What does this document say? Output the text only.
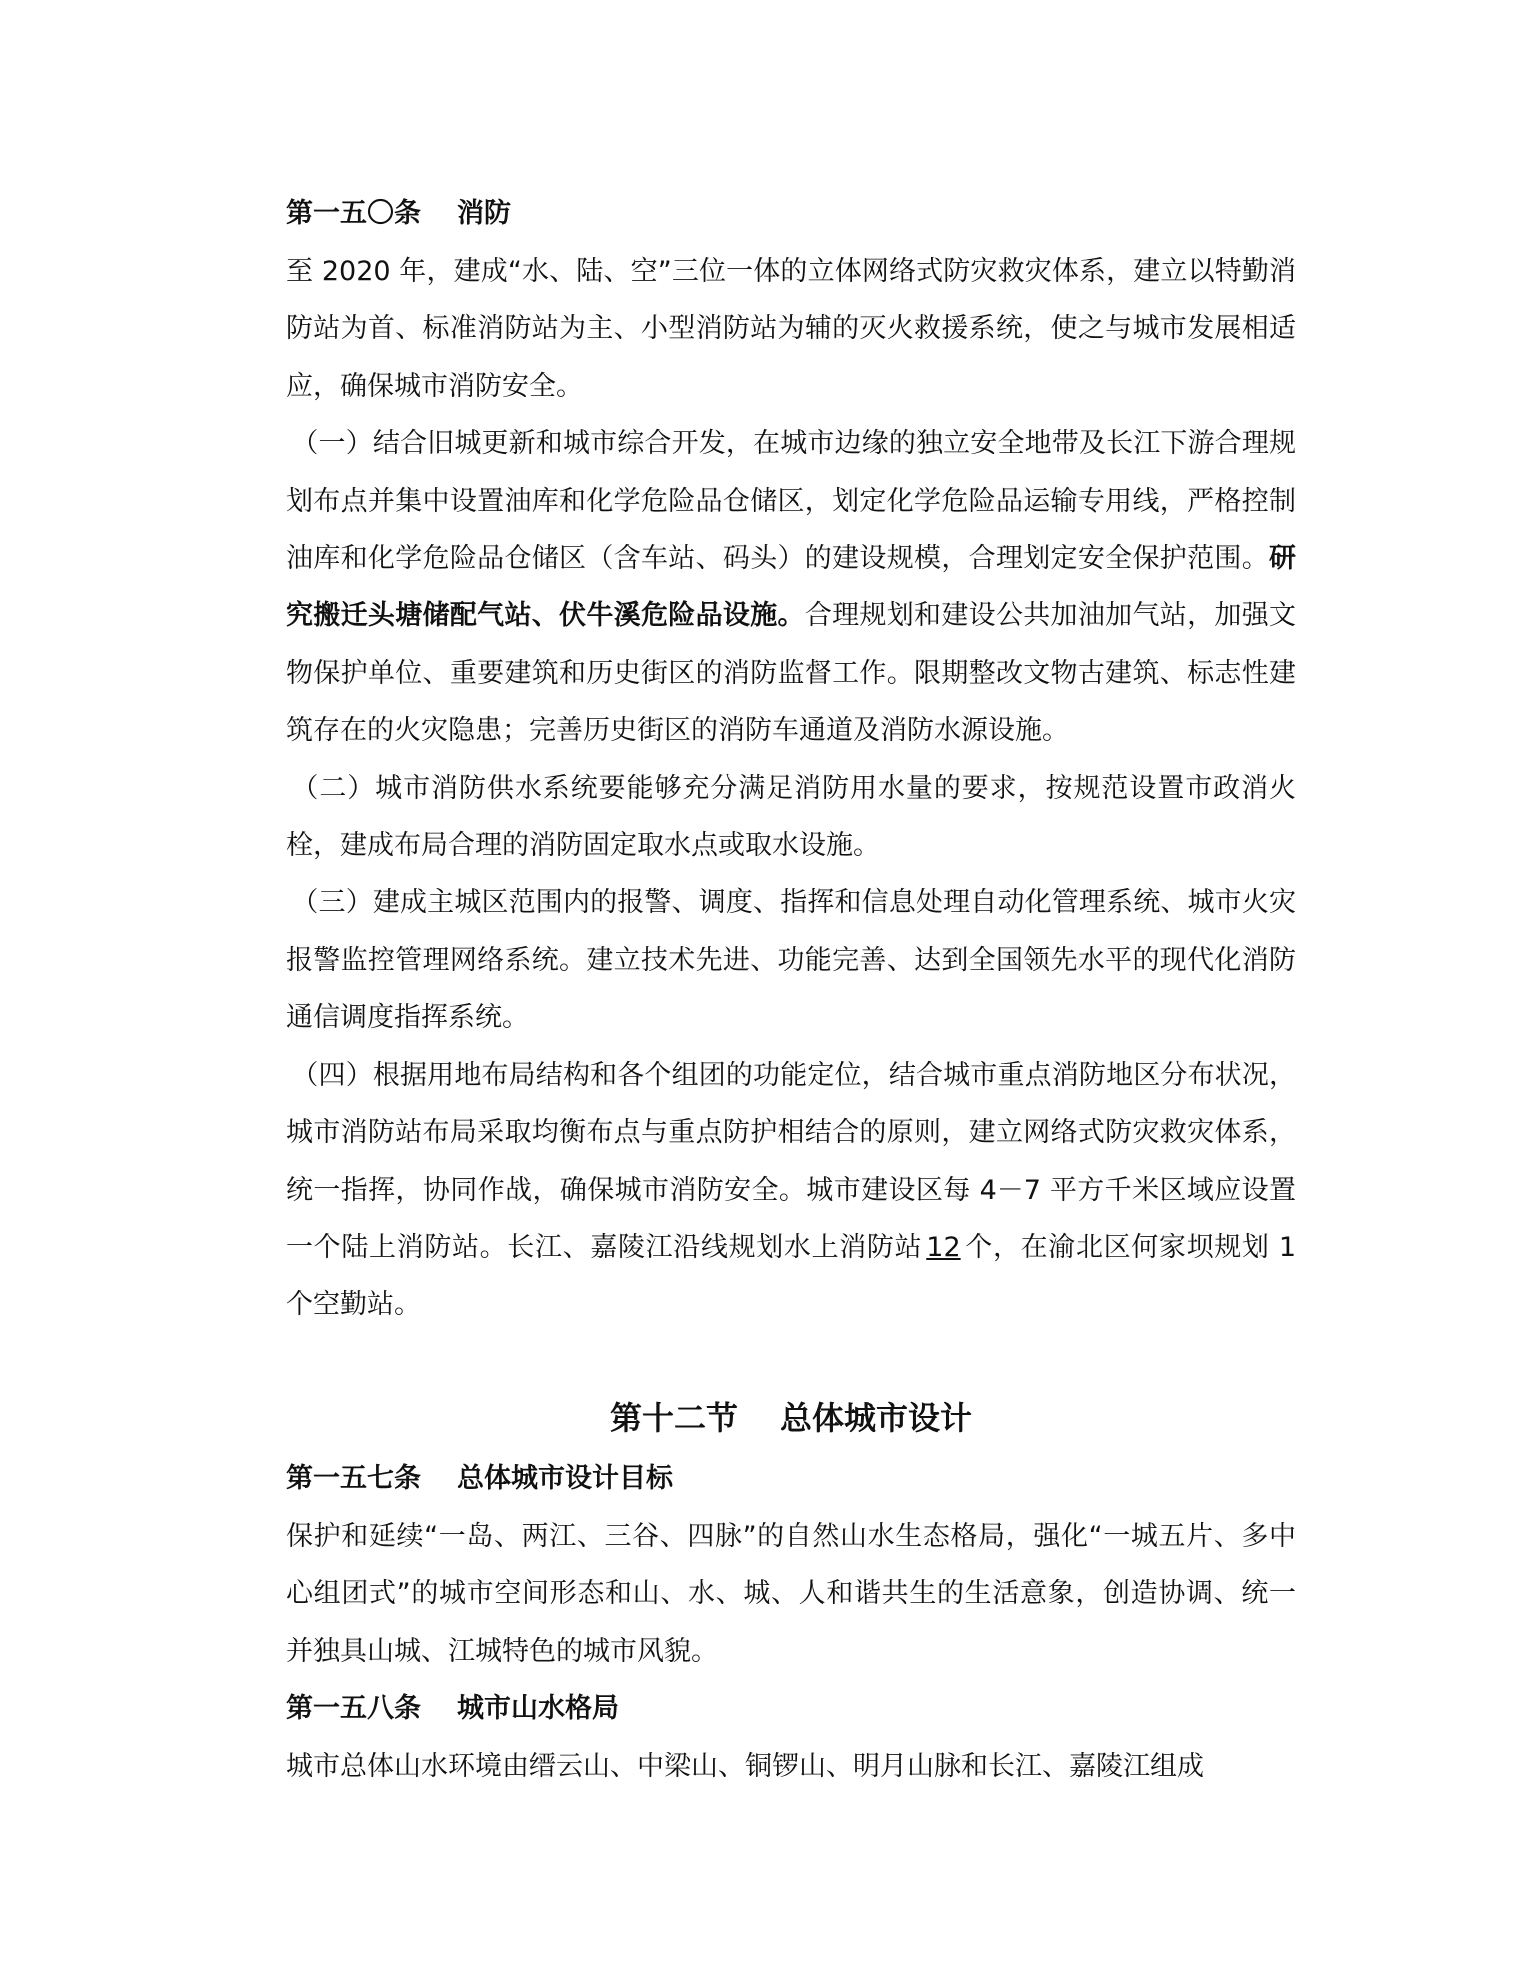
第一五〇条 消防

至 2020 年，建成“水、陆、空”三位一体的立体网络式防灾救灾体系，建立以特勤消防站为首、标准消防站为主、小型消防站为辅的灭火救援系统，使之与城市发展相适应，确保城市消防安全。

（一）结合旧城更新和城市综合开发，在城市边缘的独立安全地带及长江下游合理规划布点并集中设置油库和化学危险品仓储区，划定化学危险品运输专用线，严格控制油库和化学危险品仓储区（含车站、码头）的建设规模，合理划定安全保护范围。研究搬迁头塘储配气站、伏牛溪危险品设施。合理规划和建设公共加油加气站，加强文物保护单位、重要建筑和历史街区的消防监督工作。限期整改文物古建筑、标志性建筑存在的火灾隐患；完善历史街区的消防车通道及消防水源设施。

（二）城市消防供水系统要能够充分满足消防用水量的要求，按规范设置市政消火栓，建成布局合理的消防固定取水点或取水设施。

（三）建成主城区范围内的报警、调度、指挥和信息处理自动化管理系统、城市火灾报警监控管理网络系统。建立技术先进、功能完善、达到全国领先水平的现代化消防通信调度指挥系统。

（四）根据用地布局结构和各个组团的功能定位，结合城市重点消防地区分布状况，城市消防站布局采取均衡布点与重点防护相结合的原则，建立网络式防灾救灾体系，统一指挥，协同作战，确保城市消防安全。城市建设区每 4－7 平方千米区域应设置一个陆上消防站。长江、嘉陵江沿线规划水上消防站 12 个，在渝北区何家坝规划 1 个空勤站。

第十二节 总体城市设计

第一五七条 总体城市设计目标

保护和延续“一岛、两江、三谷、四脉”的自然山水生态格局，强化“一城五片、多中心组团式”的城市空间形态和山、水、城、人和谐共生的生活意象，创造协调、统一并独具山城、江城特色的城市风貌。

第一五八条 城市山水格局

城市总体山水环境由缙云山、中梁山、铜锣山、明月山脉和长江、嘉陵江组成
